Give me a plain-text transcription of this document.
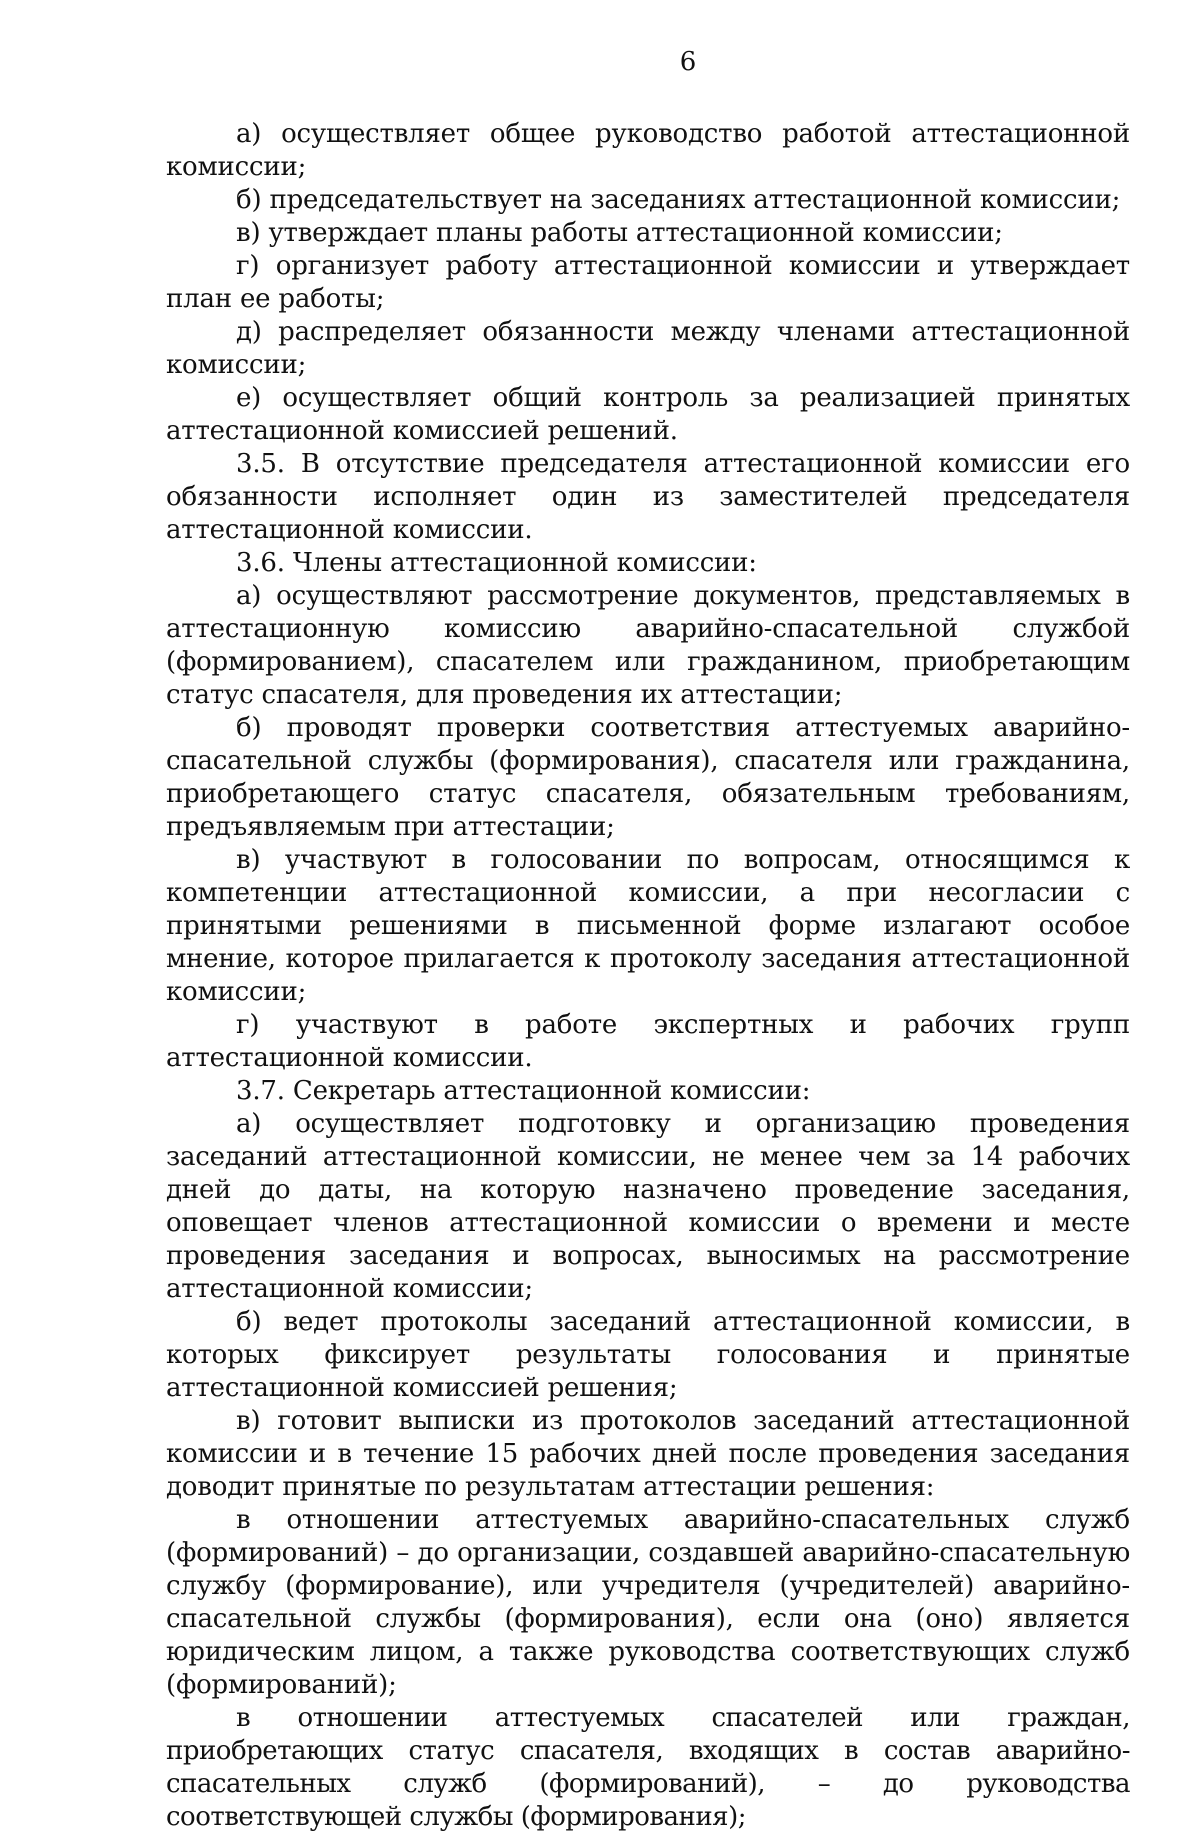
6

а) осуществляет общее руководство работой аттестационной комиссии;

б) председательствует на заседаниях аттестационной комиссии;

в) утверждает планы работы аттестационной комиссии;

г) организует работу аттестационной комиссии и утверждает план ее работы;

д) распределяет обязанности между членами аттестационной комиссии;

е) осуществляет общий контроль за реализацией принятых аттестационной комиссией решений.

3.5. В отсутствие председателя аттестационной комиссии его обязанности исполняет один из заместителей председателя аттестационной комиссии.

3.6. Члены аттестационной комиссии:

а) осуществляют рассмотрение документов, представляемых в аттестационную комиссию аварийно-спасательной службой (формированием), спасателем или гражданином, приобретающим статус спасателя, для проведения их аттестации;

б) проводят проверки соответствия аттестуемых аварийно-спасательной службы (формирования), спасателя или гражданина, приобретающего статус спасателя, обязательным требованиям, предъявляемым при аттестации;

в) участвуют в голосовании по вопросам, относящимся к компетенции аттестационной комиссии, а при несогласии с принятыми решениями в письменной форме излагают особое мнение, которое прилагается к протоколу заседания аттестационной комиссии;

г) участвуют в работе экспертных и рабочих групп аттестационной комиссии.

3.7. Секретарь аттестационной комиссии:

а) осуществляет подготовку и организацию проведения заседаний аттестационной комиссии, не менее чем за 14 рабочих дней до даты, на которую назначено проведение заседания, оповещает членов аттестационной комиссии о времени и месте проведения заседания и вопросах, выносимых на рассмотрение аттестационной комиссии;

б) ведет протоколы заседаний аттестационной комиссии, в которых фиксирует результаты голосования и принятые аттестационной комиссией решения;

в) готовит выписки из протоколов заседаний аттестационной комиссии и в течение 15 рабочих дней после проведения заседания доводит принятые по результатам аттестации решения:

в отношении аттестуемых аварийно-спасательных служб (формирований) – до организации, создавшей аварийно-спасательную службу (формирование), или учредителя (учредителей) аварийно-спасательной службы (формирования), если она (оно) является юридическим лицом, а также руководства соответствующих служб (формирований);

в отношении аттестуемых спасателей или граждан, приобретающих статус спасателя, входящих в состав аварийно-спасательных служб (формирований), – до руководства соответствующей службы (формирования);
